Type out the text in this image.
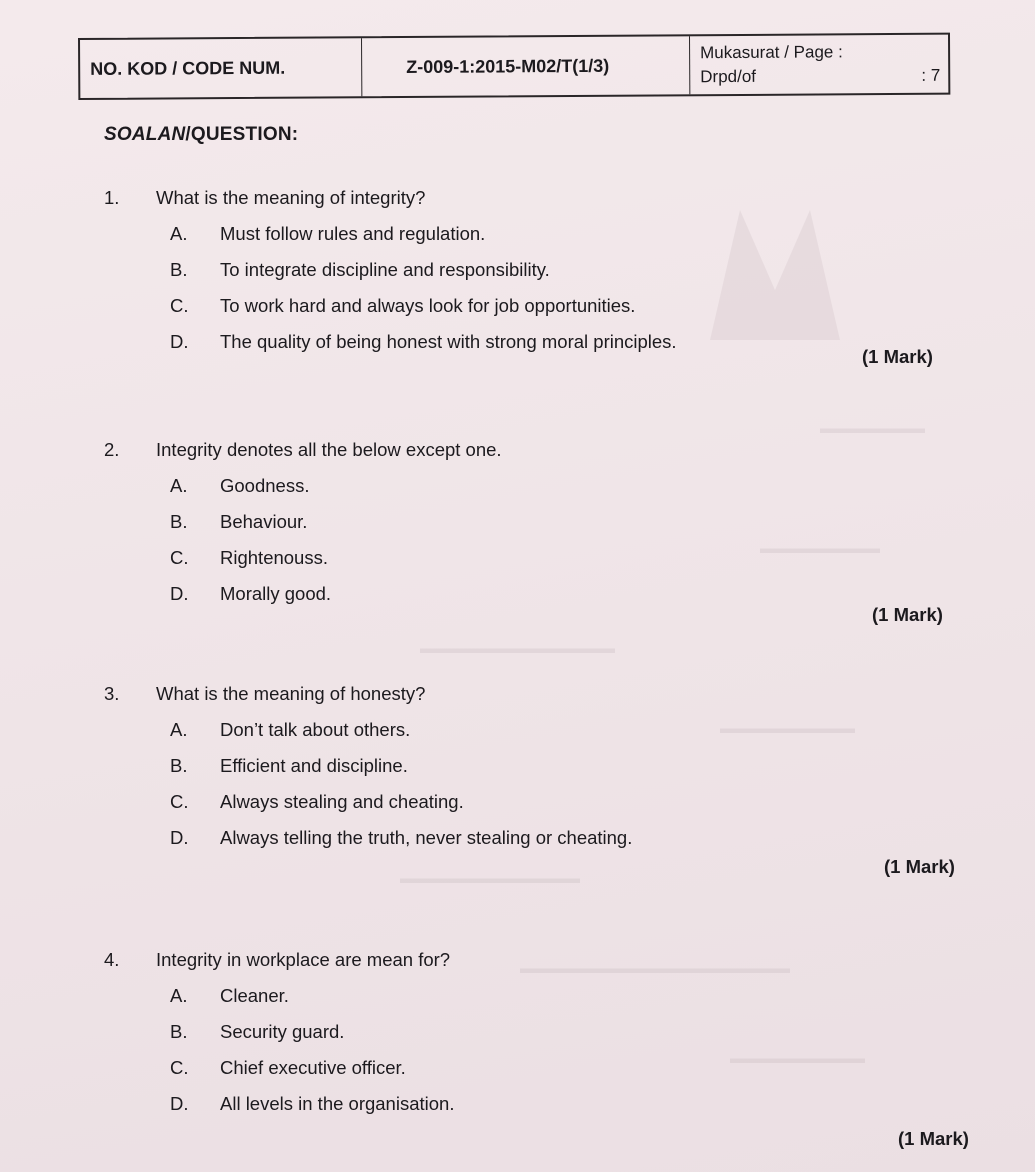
▬▬▬▬▬▬▬
▬▬▬▬▬▬▬▬
▬▬▬▬▬▬▬▬▬▬▬▬▬
▬▬▬▬▬▬▬▬▬
▬▬▬▬▬▬▬▬▬▬▬▬
▬▬▬▬▬▬▬▬▬▬▬▬▬▬▬▬▬▬
▬▬▬▬▬▬▬▬▬
NO. KOD / CODE NUM.	Z-009-1:2015-M02/T(1/3)
Mukasurat / Page :
Drpd/of	: 7
SOALAN/QUESTION:
1.	What is the meaning of integrity?
A.	Must follow rules and regulation.
B.	To integrate discipline and responsibility.
C.	To work hard and always look for job opportunities.
D.	The quality of being honest with strong moral principles.
(1 Mark)
2.	Integrity denotes all the below except one.
A.	Goodness.
B.	Behaviour.
C.	Rightenouss.
D.	Morally good.
(1 Mark)
3.	What is the meaning of honesty?
A.	Don’t talk about others.
B.	Efficient and discipline.
C.	Always stealing and cheating.
D.	Always telling the truth, never stealing or cheating.
(1 Mark)
4.	Integrity in workplace are mean for?
A.	Cleaner.
B.	Security guard.
C.	Chief executive officer.
D.	All levels in the organisation.
(1 Mark)
